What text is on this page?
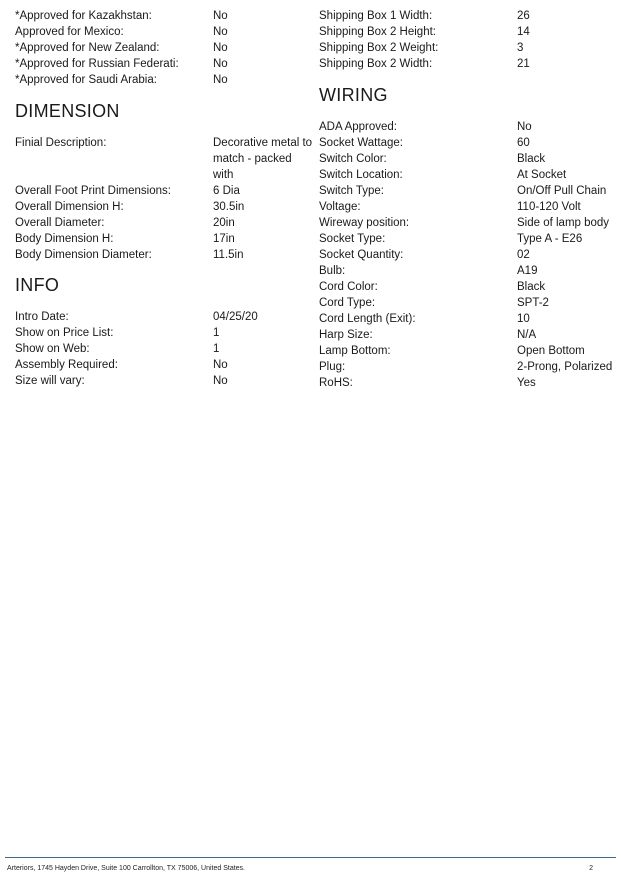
*Approved for Kazakhstan:	No
Approved for Mexico:	No
*Approved for New Zealand:	No
*Approved for Russian Federati:	No
*Approved for Saudi Arabia:	No
DIMENSION
Finial Description:	Decorative metal to match - packed with
Overall Foot Print Dimensions:	6 Dia
Overall Dimension H:	30.5in
Overall Diameter:	20in
Body Dimension H:	17in
Body Dimension Diameter:	11.5in
INFO
Intro Date:	04/25/20
Show on Price List:	1
Show on Web:	1
Assembly Required:	No
Size will vary:	No
Shipping Box 1 Width:	26
Shipping Box 2 Height:	14
Shipping Box 2 Weight:	3
Shipping Box 2 Width:	21
WIRING
ADA Approved:	No
Socket Wattage:	60
Switch Color:	Black
Switch Location:	At Socket
Switch Type:	On/Off Pull Chain
Voltage:	110-120 Volt
Wireway position:	Side of lamp body
Socket Type:	Type A - E26
Socket Quantity:	02
Bulb:	A19
Cord Color:	Black
Cord Type:	SPT-2
Cord Length (Exit):	10
Harp Size:	N/A
Lamp Bottom:	Open Bottom
Plug:	2-Prong, Polarized
RoHS:	Yes
Arteriors, 1745 Hayden Drive, Suite 100 Carrollton, TX 75006, United States.	2
